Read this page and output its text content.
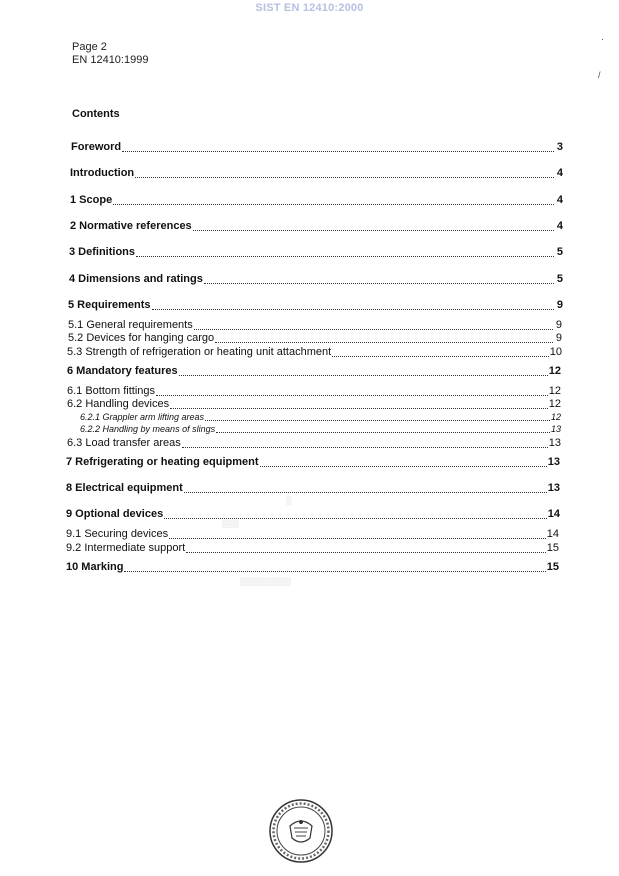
SIST EN 12410:2000
Page 2
EN 12410:1999
Contents
Foreword	3
Introduction	4
1 Scope	4
2 Normative references	4
3 Definitions	5
4 Dimensions and ratings	5
5 Requirements	9
5.1 General requirements	9
5.2 Devices for hanging cargo	9
5.3 Strength of refrigeration or heating unit attachment	10
6 Mandatory features	12
6.1 Bottom fittings	12
6.2 Handling devices	12
6.2.1 Grappler arm lifting areas	12
6.2.2 Handling by means of slings	13
6.3 Load transfer areas	13
7 Refrigerating or heating equipment	13
8 Electrical equipment	13
9 Optional devices	14
9.1 Securing devices	14
9.2 Intermediate support	15
10 Marking	15
▒
▒▒▒
▒▒▒▒▒▒▒▒▒
·
/
